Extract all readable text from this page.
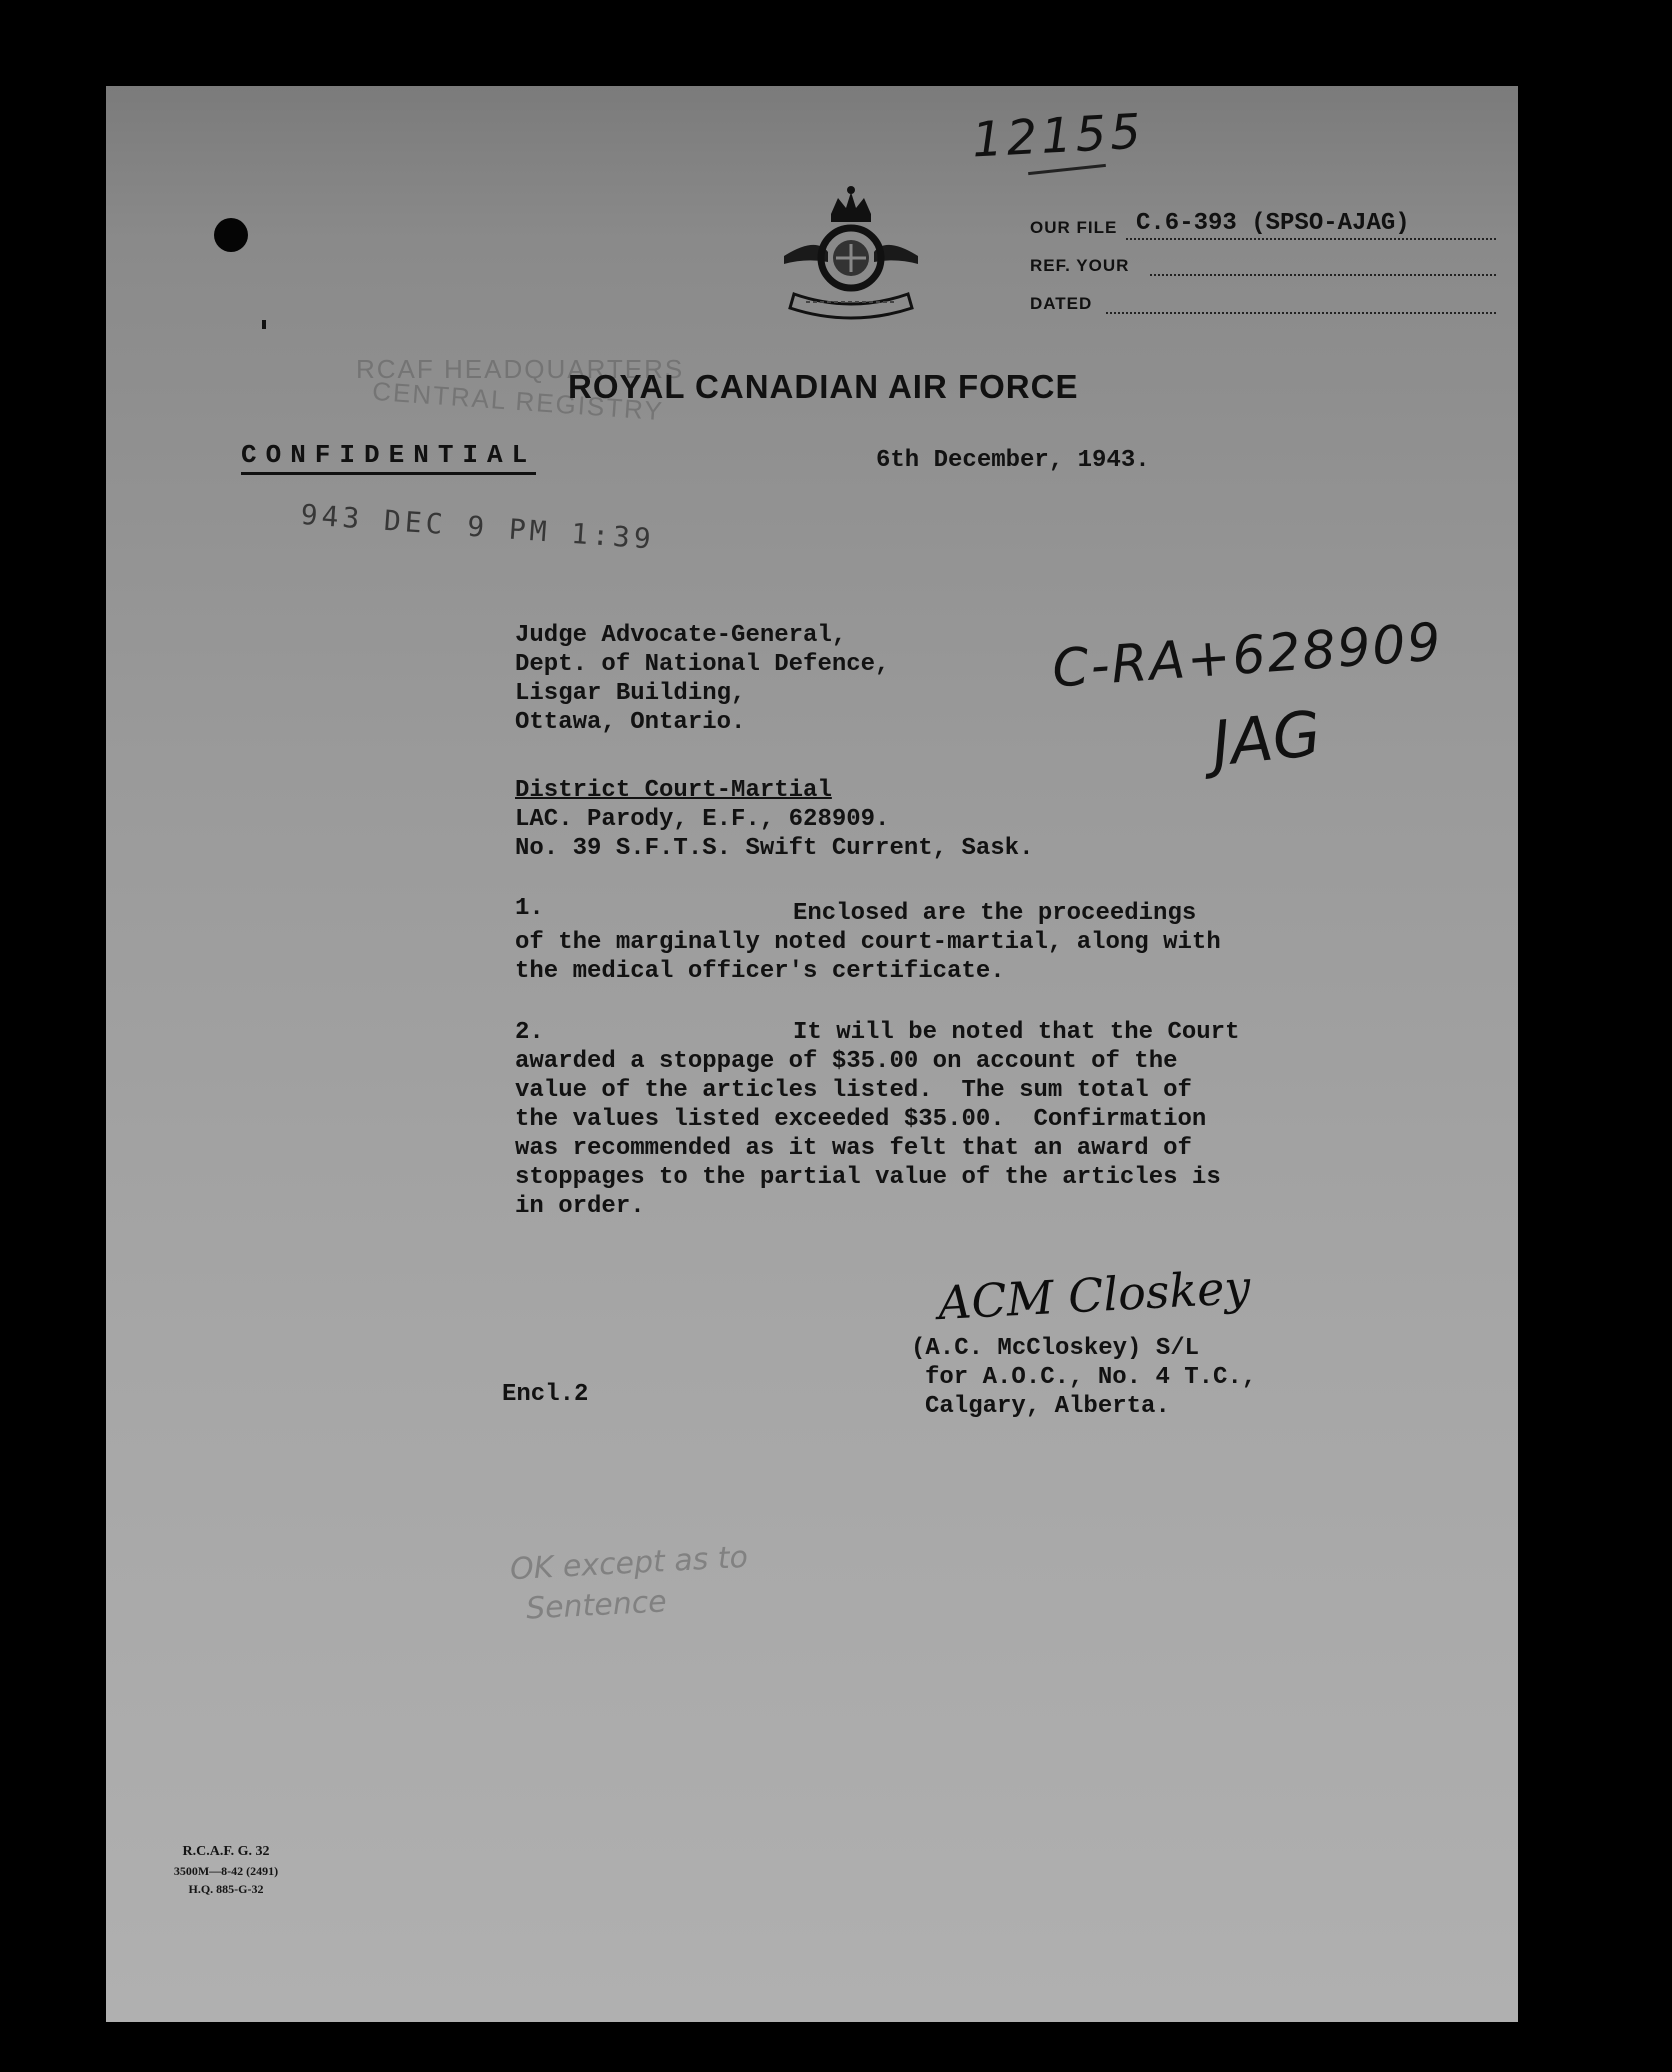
12155
OUR FILE C.6-393 (SPSO-AJAG)
REF. YOUR
DATED
RCAF HEADQUARTERS
CENTRAL REGISTRY
ROYAL CANADIAN AIR FORCE
CONFIDENTIAL	6th December, 1943.
943 DEC 9 PM 1:39
Judge Advocate-General,
Dept. of National Defence,
Lisgar Building,
Ottawa, Ontario.
C-RA+628909
JAG
District Court-Martial
LAC. Parody, E.F., 628909.
No. 39 S.F.T.S. Swift Current, Sask.
1.	Enclosed are the proceedings
of the marginally noted court-martial, along with
the medical officer's certificate.
2.	It will be noted that the Court
awarded a stoppage of $35.00 on account of the
value of the articles listed.  The sum total of
the values listed exceeded $35.00.  Confirmation
was recommended as it was felt that an award of
stoppages to the partial value of the articles is
in order.
ACM Closkey
(A.C. McCloskey) S/L
for A.O.C., No. 4 T.C.,
Calgary, Alberta.
Encl.2
OK except as to
Sentence
R.C.A.F. G. 32
3500M—8-42 (2491)
H.Q. 885-G-32
